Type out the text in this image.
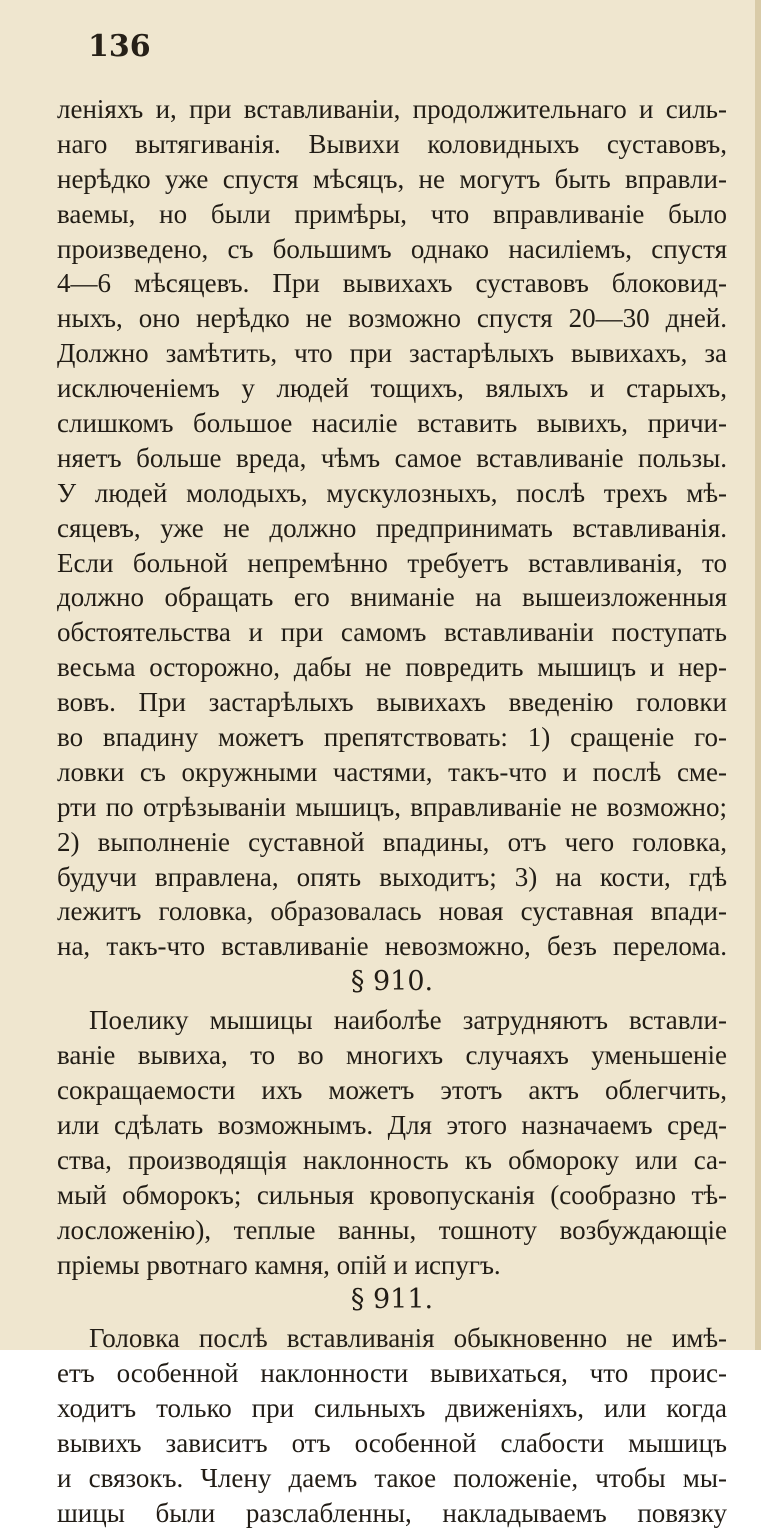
136
леніяхъ и, при вставливаніи, продолжительнаго и силь-
наго вытягиванія. Вывихи коловидныхъ суставовъ,
нерѣдко уже спустя мѣсяцъ, не могутъ быть вправли-
ваемы, но были примѣры, что вправливаніе было
произведено, съ большимъ однако насиліемъ, спустя
4—6 мѣсяцевъ. При вывихахъ суставовъ блоковид-
ныхъ, оно нерѣдко не возможно спустя 20—30 дней.
Должно замѣтить, что при застарѣлыхъ вывихахъ, за
исключеніемъ у людей тощихъ, вялыхъ и старыхъ,
слишкомъ большое насиліе вставить вывихъ, причи-
няетъ больше вреда, чѣмъ самое вставливаніе пользы.
У людей молодыхъ, мускулозныхъ, послѣ трехъ мѣ-
сяцевъ, уже не должно предпринимать вставливанія.
Если больной непремѣнно требуетъ вставливанія, то
должно обращать его вниманіе на вышеизложенныя
обстоятельства и при самомъ вставливаніи поступать
весьма осторожно, дабы не повредить мышицъ и нер-
вовъ. При застарѣлыхъ вывихахъ введенію головки
во впадину можетъ препятствовать: 1) сращеніе го-
ловки съ окружными частями, такъ-что и послѣ сме-
рти по отрѣзываніи мышицъ, вправливаніе не возможно;
2) выполненіе суставной впадины, отъ чего головка,
будучи вправлена, опять выходитъ; 3) на кости, гдѣ
лежитъ головка, образовалась новая суставная впади-
на, такъ-что вставливаніе невозможно, безъ перелома.
§ 910.
Поелику мышицы наиболѣе затрудняютъ вставли-
ваніе вывиха, то во многихъ случаяхъ уменьшеніе
сокращаемости ихъ можетъ этотъ актъ облегчить,
или сдѣлать возможнымъ. Для этого назначаемъ сред-
ства, производящія наклонность къ обмороку или са-
мый обморокъ; сильныя кровопусканія (сообразно тѣ-
лосложенію), теплые ванны, тошноту возбуждающіе
пріемы рвотнаго камня, опій и испугъ.
§ 911.
Головка послѣ вставливанія обыкновенно не имѣ-
етъ особенной наклонности вывихаться, что проис-
ходитъ только при сильныхъ движеніяхъ, или когда
вывихъ зависитъ отъ особенной слабости мышицъ
и связокъ. Члену даемъ такое положеніе, чтобы мы-
шицы были разслабленны, накладываемъ повязку
